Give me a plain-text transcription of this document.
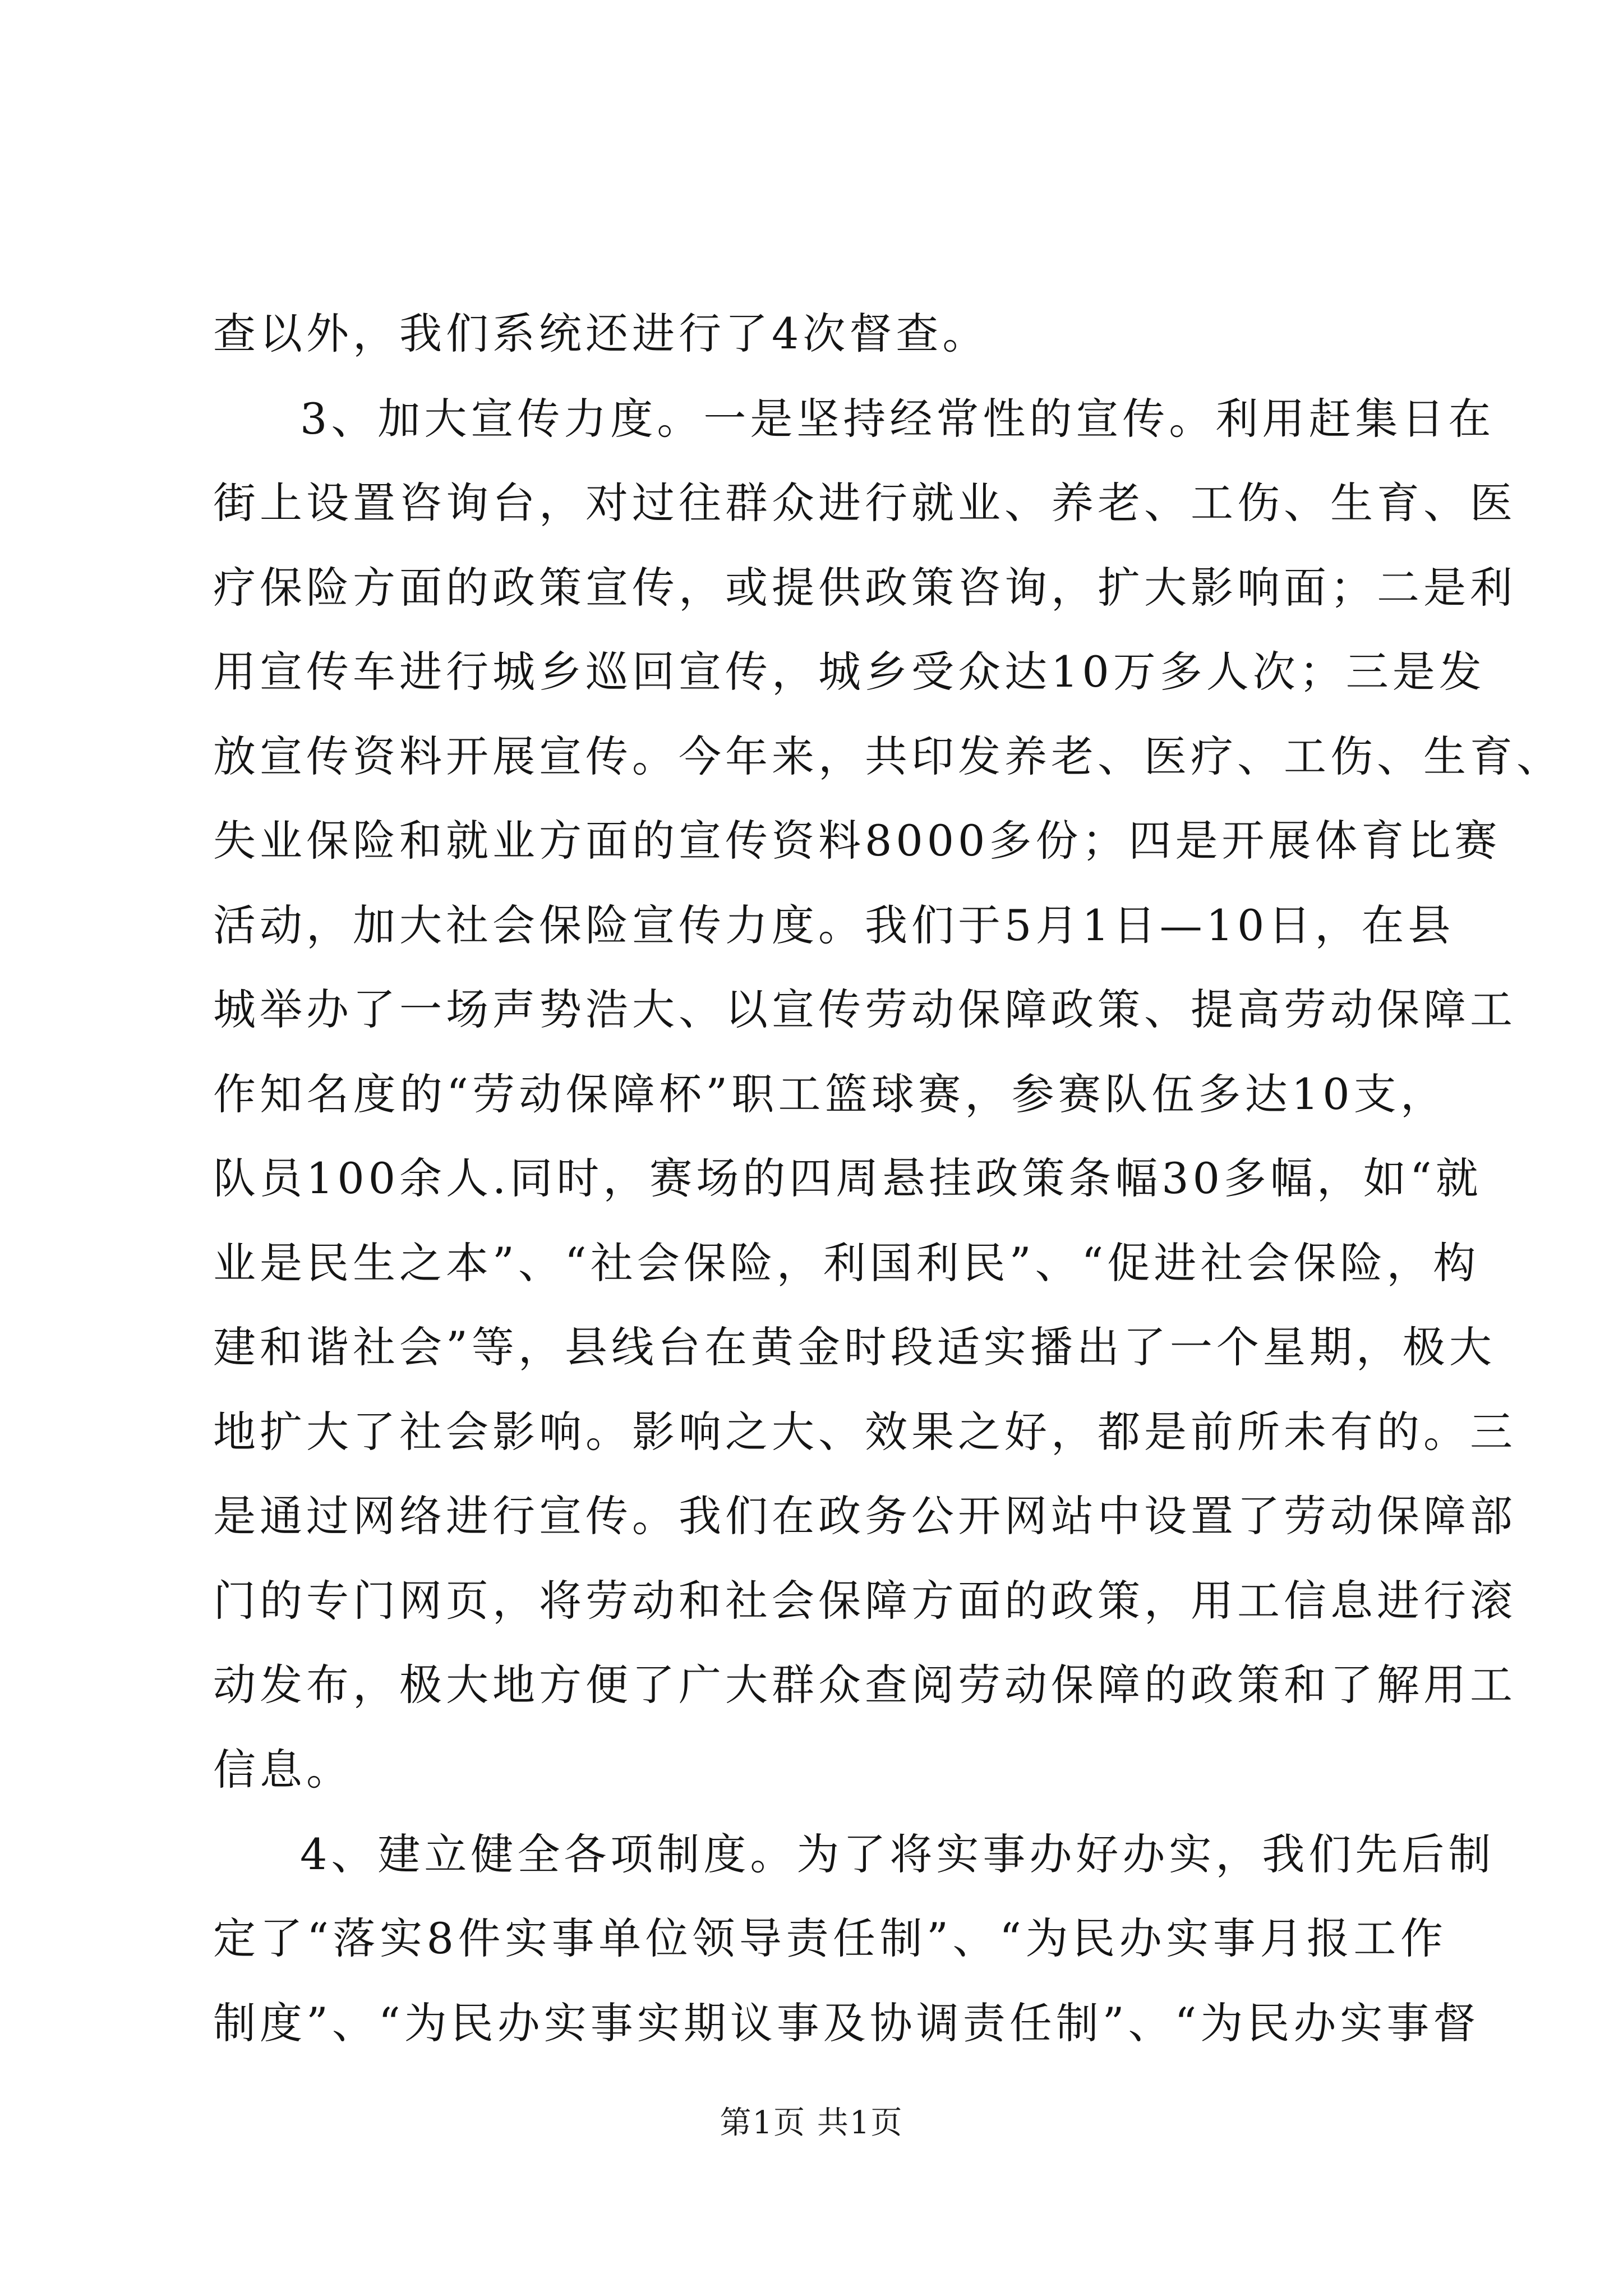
查以外，我们系统还进行了4次督查。
3、加大宣传力度。一是坚持经常性的宣传。利用赶集日在
街上设置咨询台，对过往群众进行就业、养老、工伤、生育、医
疗保险方面的政策宣传，或提供政策咨询，扩大影响面；二是利
用宣传车进行城乡巡回宣传，城乡受众达10万多人次；三是发
放宣传资料开展宣传。今年来，共印发养老、医疗、工伤、生育、
失业保险和就业方面的宣传资料8000多份；四是开展体育比赛
活动，加大社会保险宣传力度。我们于5月1日—10日，在县
城举办了一场声势浩大、以宣传劳动保障政策、提高劳动保障工
作知名度的“劳动保障杯”职工篮球赛，参赛队伍多达10支，
队员100余人.同时，赛场的四周悬挂政策条幅30多幅，如“就
业是民生之本”、“社会保险，利国利民”、“促进社会保险，构
建和谐社会”等，县线台在黄金时段适实播出了一个星期，极大
地扩大了社会影响。影响之大、效果之好，都是前所未有的。三
是通过网络进行宣传。我们在政务公开网站中设置了劳动保障部
门的专门网页，将劳动和社会保障方面的政策，用工信息进行滚
动发布，极大地方便了广大群众查阅劳动保障的政策和了解用工
信息。
4、建立健全各项制度。为了将实事办好办实，我们先后制
定了“落实8件实事单位领导责任制”、“为民办实事月报工作
制度”、“为民办实事实期议事及协调责任制”、“为民办实事督
第1页 共1页
